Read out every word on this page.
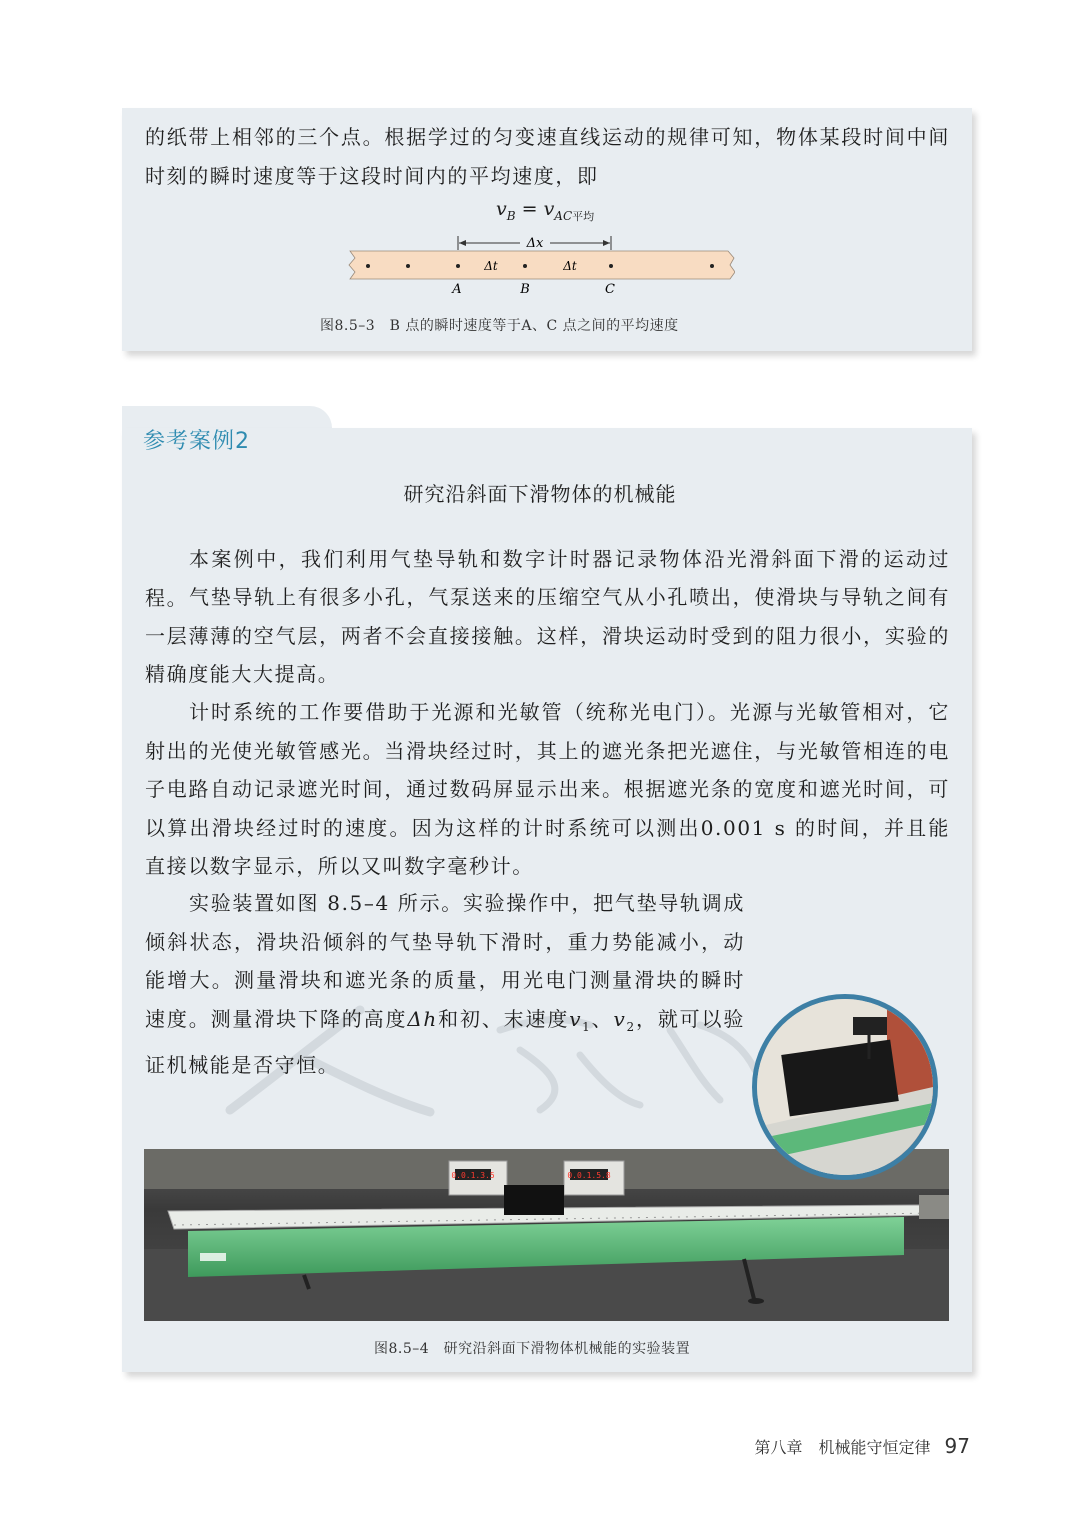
的纸带上相邻的三个点。根据学过的匀变速直线运动的规律可知，物体某段时间中间时刻的瞬时速度等于这段时间内的平均速度，即

$v_B = v_{AC平均}$
Δx
Δt	Δt
A	B	C
图8.5–3　B 点的瞬时速度等于A、C 点之间的平均速度
参考案例2
研究沿斜面下滑物体的机械能

本案例中，我们利用气垫导轨和数字计时器记录物体沿光滑斜面下滑的运动过程。 气垫导轨上有很多小孔，气泵送来的压缩空气从小孔喷出，使滑块与导轨之间有一层薄薄的空气层，两者不会直接接触。这样，滑块运动时受到的阻力很小，实验的精确度能大大提高。

计时系统的工作要借助于光源和光敏管（统称光电门）。光源与光敏管相对，它射出的光使光敏管感光。当滑块经过时，其上的遮光条把光遮住，与光敏管相连的电子电路自动记录遮光时间，通过数码屏显示出来。根据遮光条的宽度和遮光时间，可以算出滑块经过时的速度。因为这样的计时系统可以测出0.001 s 的时间，并且能直接以数字显示，所以又叫数字毫秒计。

实验装置如图 8.5–4 所示。实验操作中，把气垫导轨调成倾斜状态，滑块沿倾斜的气垫导轨下滑时，重力势能减小，动能增大。测量滑块和遮光条的质量，用光电门测量滑块的瞬时速度。测量滑块下降的高度Δh和初、末速度$v_1$、$v_2$，就可以验证机械能是否守恒。

0.0.1.3.5	0.0.1.5.8
图8.5–4　研究沿斜面下滑物体机械能的实验装置
第八章　机械能守恒定律 97
